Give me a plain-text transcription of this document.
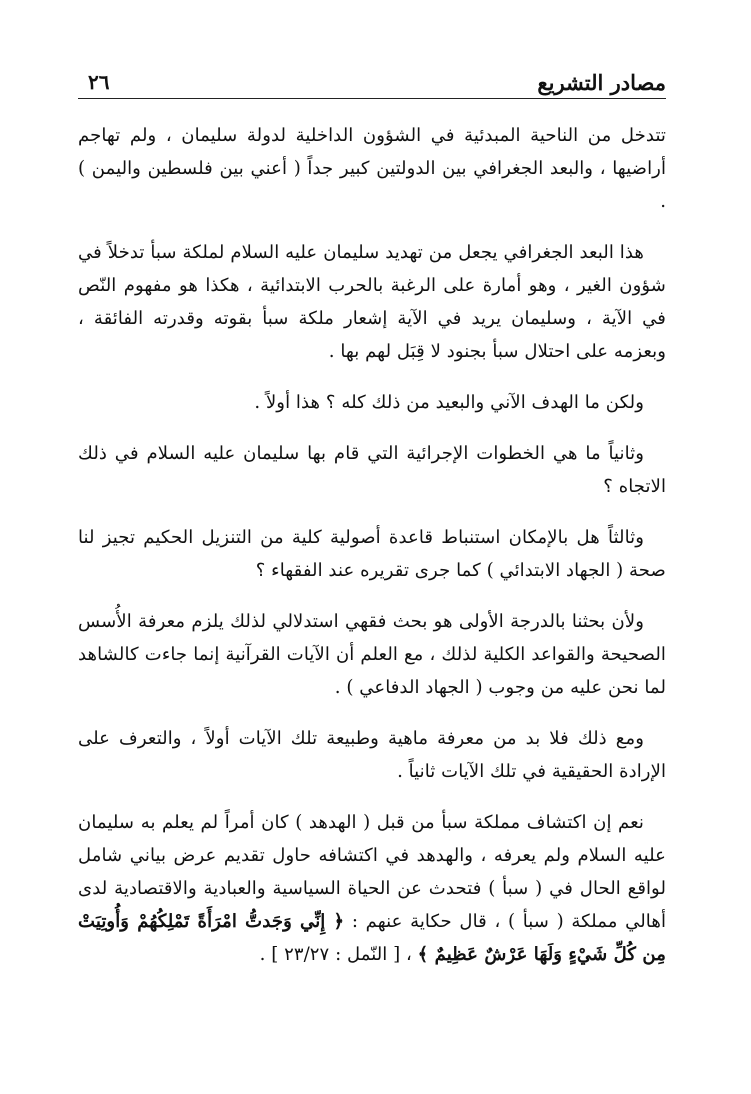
مصادر التشريع
٢٦

تتدخل من الناحية المبدئية في الشؤون الداخلية لدولة سليمان ، ولم تهاجم أراضيها ، والبعد الجغرافي بين الدولتين كبير جداً ( أعني بين فلسطين واليمن ) .

هذا البعد الجغرافي يجعل من تهديد سليمان عليه السلام لملكة سبأ تدخلاً في شؤون الغير ، وهو أمارة على الرغبة بالحرب الابتدائية ، هكذا هو مفهوم النّص في الآية ، وسليمان يريد في الآية إشعار ملكة سبأ بقوته وقدرته الفائقة ، وبعزمه على احتلال سبأ بجنود لا قِبَل لهم بها .

ولكن ما الهدف الآني والبعيد من ذلك كله ؟ هذا أولاً .

وثانياً ما هي الخطوات الإجرائية التي قام بها سليمان عليه السلام في ذلك الاتجاه ؟

وثالثاً هل بالإمكان استنباط قاعدة أصولية كلية من التنزيل الحكيم تجيز لنا صحة ( الجهاد الابتدائي ) كما جرى تقريره عند الفقهاء ؟

ولأن بحثنا بالدرجة الأولى هو بحث فقهي استدلالي لذلك يلزم معرفة الأُسس الصحيحة والقواعد الكلية لذلك ، مع العلم أن الآيات القرآنية إنما جاءت كالشاهد لما نحن عليه من وجوب ( الجهاد الدفاعي ) .

ومع ذلك فلا بد من معرفة ماهية وطبيعة تلك الآيات أولاً ، والتعرف على الإرادة الحقيقية في تلك الآيات ثانياً .

نعم إن اكتشاف مملكة سبأ من قبل ( الهدهد ) كان أمراً لم يعلم به سليمان عليه السلام ولم يعرفه ، والهدهد في اكتشافه حاول تقديم عرض بياني شامل لواقع الحال في ( سبأ ) فتحدث عن الحياة السياسية والعبادية والاقتصادية لدى أهالي مملكة ( سبأ ) ، قال حكاية عنهم : ﴿ إِنِّي وَجَدتُّ امْرَأَةً تَمْلِكُهُمْ وَأُوتِيَتْ مِن كُلِّ شَيْءٍ وَلَهَا عَرْشٌ عَظِيمٌ ﴾ ، [ النّمل : ٢٣/٢٧ ] .
